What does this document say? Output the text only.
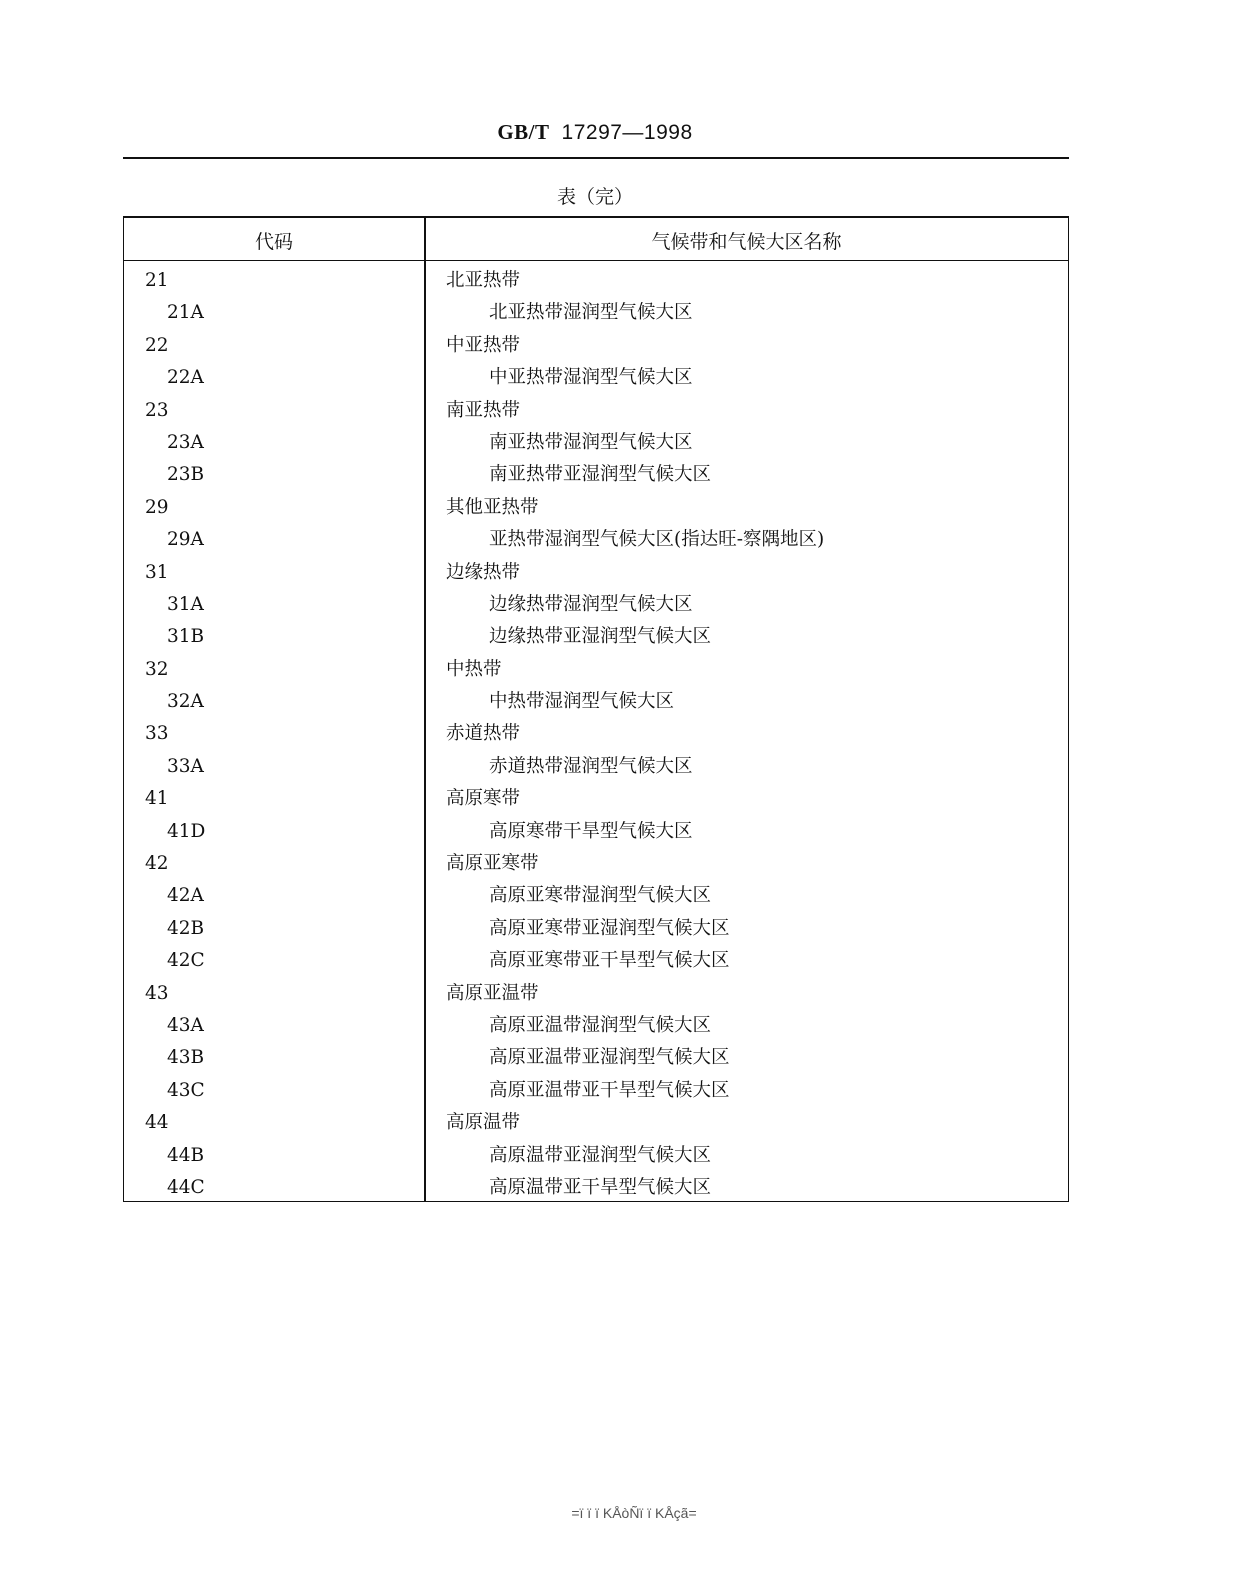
GB/T 17297—1998
表（完）
代码	气候带和气候大区名称
21	北亚热带
21A	北亚热带湿润型气候大区
22	中亚热带
22A	中亚热带湿润型气候大区
23	南亚热带
23A	南亚热带湿润型气候大区
23B	南亚热带亚湿润型气候大区
29	其他亚热带
29A	亚热带湿润型气候大区(指达旺-察隅地区)
31	边缘热带
31A	边缘热带湿润型气候大区
31B	边缘热带亚湿润型气候大区
32	中热带
32A	中热带湿润型气候大区
33	赤道热带
33A	赤道热带湿润型气候大区
41	高原寒带
41D	高原寒带干旱型气候大区
42	高原亚寒带
42A	高原亚寒带湿润型气候大区
42B	高原亚寒带亚湿润型气候大区
42C	高原亚寒带亚干旱型气候大区
43	高原亚温带
43A	高原亚温带湿润型气候大区
43B	高原亚温带亚湿润型气候大区
43C	高原亚温带亚干旱型气候大区
44	高原温带
44B	高原温带亚湿润型气候大区
44C	高原温带亚干旱型气候大区
=ï ï ï KÅòÑï ï KÅçã=
